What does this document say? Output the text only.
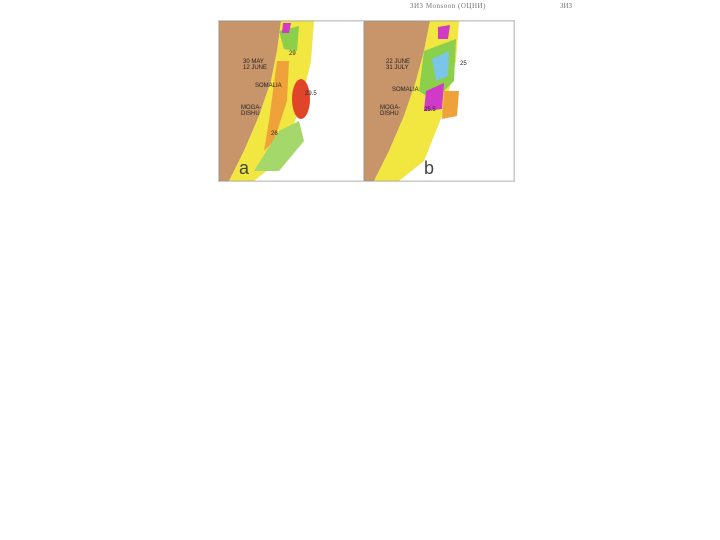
ЗИЗ Monsoon (ОЦНИ)	ЗИЗ
30 MAY
12 JUNE
SOMALIA
MOGA-
DISHU
29.5
29
26
a
22 JUNE
31 JULY
SOMALIA
MOGA-
DISHU
25
25.5
b
